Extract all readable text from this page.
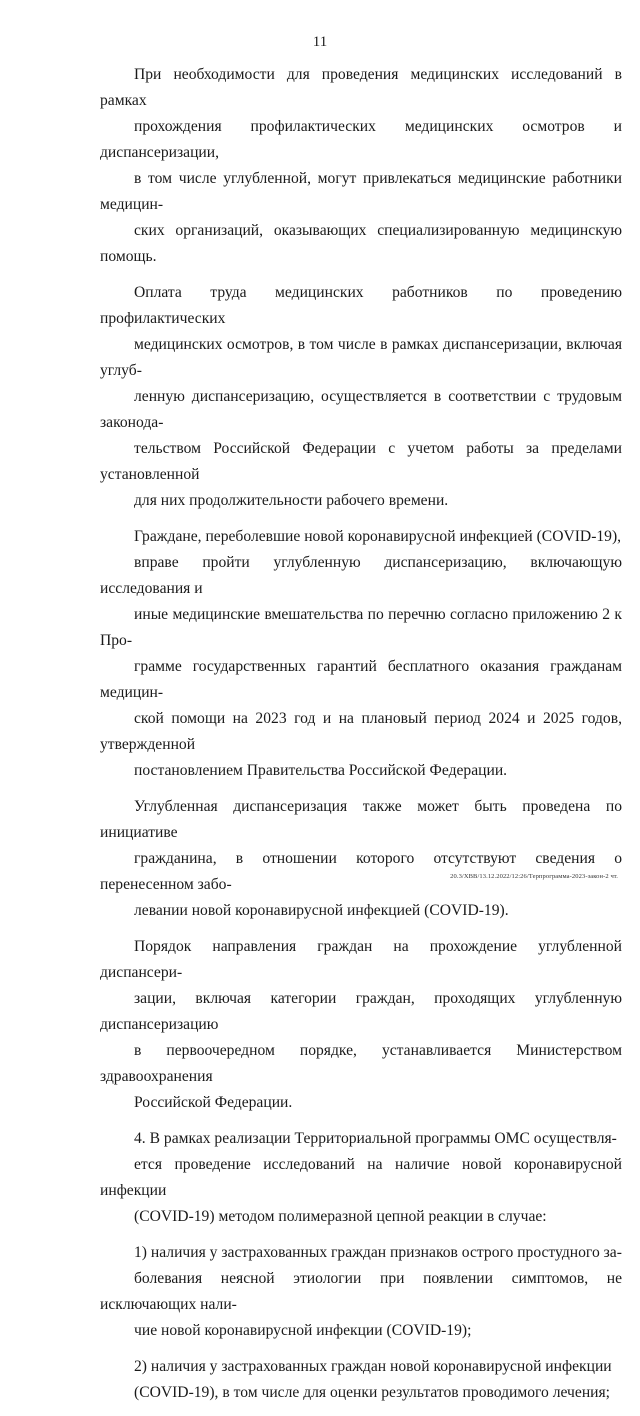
11

При необходимости для проведения медицинских исследований в рамках
прохождения профилактических медицинских осмотров и диспансеризации,
в том числе углубленной, могут привлекаться медицинские работники медицин-
ских организаций, оказывающих специализированную медицинскую помощь.

Оплата труда медицинских работников по проведению профилактических
медицинских осмотров, в том числе в рамках диспансеризации, включая углуб-
ленную диспансеризацию, осуществляется в соответствии с трудовым законода-
тельством Российской Федерации с учетом работы за пределами установленной
для них продолжительности рабочего времени.

Граждане, переболевшие новой коронавирусной инфекцией (COVID-19),
вправе пройти углубленную диспансеризацию, включающую исследования и
иные медицинские вмешательства по перечню согласно приложению 2 к Про-
грамме государственных гарантий бесплатного оказания гражданам медицин-
ской помощи на 2023 год и на плановый период 2024 и 2025 годов, утвержденной
постановлением Правительства Российской Федерации.

Углубленная диспансеризация также может быть проведена по инициативе
гражданина, в отношении которого отсутствуют сведения о перенесенном забо-
левании новой коронавирусной инфекцией (COVID-19).

Порядок направления граждан на прохождение углубленной диспансери-
зации, включая категории граждан, проходящих углубленную диспансеризацию
в первоочередном порядке, устанавливается Министерством здравоохранения
Российской Федерации.

4. В рамках реализации Территориальной программы ОМС осуществля-
ется проведение исследований на наличие новой коронавирусной инфекции
(COVID-19) методом полимеразной цепной реакции в случае:

1) наличия у застрахованных граждан признаков острого простудного за-
болевания неясной этиологии при появлении симптомов, не исключающих нали-
чие новой коронавирусной инфекции (COVID-19);

2) наличия у застрахованных граждан новой коронавирусной инфекции
(COVID-19), в том числе для оценки результатов проводимого лечения;

20.3/ХВВ/13.12.2022/12:26/Терпрограмма-2023-закон-2 чт.
